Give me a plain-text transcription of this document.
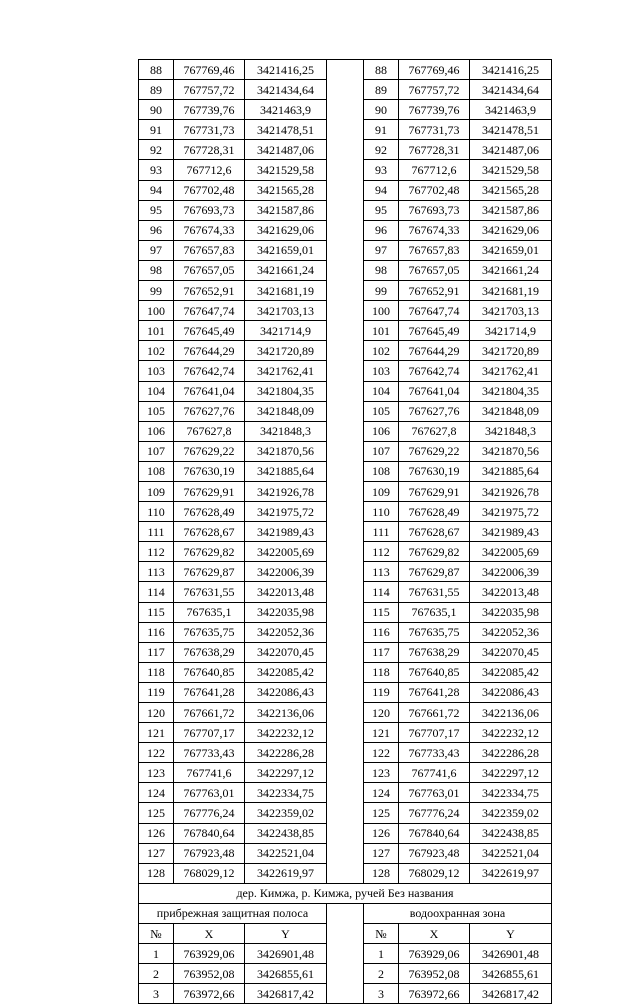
88	767769,46	3421416,25		88	767769,46	3421416,25
89	767757,72	3421434,64		89	767757,72	3421434,64
90	767739,76	3421463,9		90	767739,76	3421463,9
91	767731,73	3421478,51		91	767731,73	3421478,51
92	767728,31	3421487,06		92	767728,31	3421487,06
93	767712,6	3421529,58		93	767712,6	3421529,58
94	767702,48	3421565,28		94	767702,48	3421565,28
95	767693,73	3421587,86		95	767693,73	3421587,86
96	767674,33	3421629,06		96	767674,33	3421629,06
97	767657,83	3421659,01		97	767657,83	3421659,01
98	767657,05	3421661,24		98	767657,05	3421661,24
99	767652,91	3421681,19		99	767652,91	3421681,19
100	767647,74	3421703,13		100	767647,74	3421703,13
101	767645,49	3421714,9		101	767645,49	3421714,9
102	767644,29	3421720,89		102	767644,29	3421720,89
103	767642,74	3421762,41		103	767642,74	3421762,41
104	767641,04	3421804,35		104	767641,04	3421804,35
105	767627,76	3421848,09		105	767627,76	3421848,09
106	767627,8	3421848,3		106	767627,8	3421848,3
107	767629,22	3421870,56		107	767629,22	3421870,56
108	767630,19	3421885,64		108	767630,19	3421885,64
109	767629,91	3421926,78		109	767629,91	3421926,78
110	767628,49	3421975,72		110	767628,49	3421975,72
111	767628,67	3421989,43		111	767628,67	3421989,43
112	767629,82	3422005,69		112	767629,82	3422005,69
113	767629,87	3422006,39		113	767629,87	3422006,39
114	767631,55	3422013,48		114	767631,55	3422013,48
115	767635,1	3422035,98		115	767635,1	3422035,98
116	767635,75	3422052,36		116	767635,75	3422052,36
117	767638,29	3422070,45		117	767638,29	3422070,45
118	767640,85	3422085,42		118	767640,85	3422085,42
119	767641,28	3422086,43		119	767641,28	3422086,43
120	767661,72	3422136,06		120	767661,72	3422136,06
121	767707,17	3422232,12		121	767707,17	3422232,12
122	767733,43	3422286,28		122	767733,43	3422286,28
123	767741,6	3422297,12		123	767741,6	3422297,12
124	767763,01	3422334,75		124	767763,01	3422334,75
125	767776,24	3422359,02		125	767776,24	3422359,02
126	767840,64	3422438,85		126	767840,64	3422438,85
127	767923,48	3422521,04		127	767923,48	3422521,04
128	768029,12	3422619,97		128	768029,12	3422619,97
дер. Кимжа, р. Кимжа, ручей Без названия						
прибрежная защитная полоса				водоохранная зона		
№	X	Y		№	X	Y
1	763929,06	3426901,48		1	763929,06	3426901,48
2	763952,08	3426855,61		2	763952,08	3426855,61
3	763972,66	3426817,42		3	763972,66	3426817,42
